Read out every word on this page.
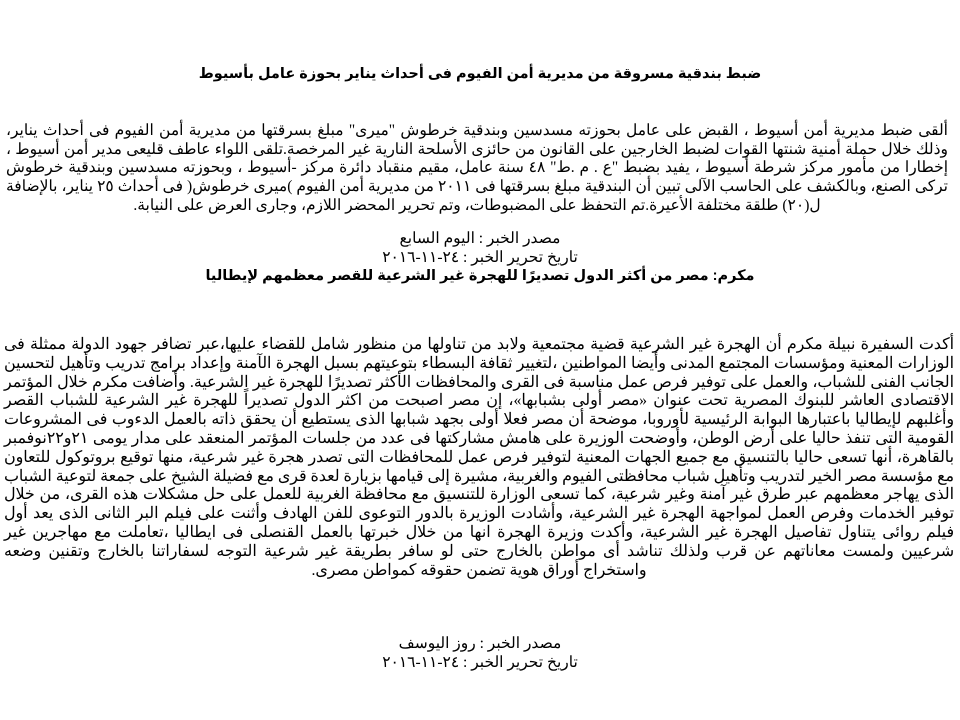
ضبط بندقية مسروقة من مديرية أمن الفيوم فى أحداث يناير بحوزة عامل بأسيوط
ألقى ضبط مديرية أمن أسيوط ، القبض على عامل بحوزته مسدسين وبندقية خرطوش "ميرى" مبلغ بسرقتها من مديرية أمن الفيوم فى أحداث يناير، وذلك خلال حملة أمنية شنتها القوات لضبط الخارجين على القانون من حائزى الأسلحة النارية غير المرخصة.تلقى اللواء عاطف قليعى مدير أمن أسيوط ، إخطارا من مأمور مركز شرطة أسيوط ، يفيد بضبط "ع . م .ط" ٤٨ سنة عامل، مقيم منقباد دائرة مركز -أسيوط ، وبحوزته مسدسين وبندقية خرطوش تركى الصنع، وبالكشف على الحاسب الآلى تبين أن البندقية مبلغ بسرقتها فى ٢٠١١ من مديرية أمن الفيوم )ميرى خرطوش( فى أحداث ٢٥ يناير، بالإضافة ل(٢٠) طلقة مختلفة الأعيرة.تم التحفظ على المضبوطات، وتم تحرير المحضر اللازم، وجارى العرض على النيابة.
مصدر الخبر : اليوم السابع
تاريخ تحرير الخبر : ٢٤-١١-٢٠١٦
مكرم: مصر من أكثر الدول تصديرًا للهجرة غير الشرعية للقصر معظمهم لإيطاليا
أكدت السفيرة نبيلة مكرم أن الهجرة غير الشرعية قضية مجتمعية ولابد من تناولها من منظور شامل للقضاء عليها،عبر تضافر جهود الدولة ممثلة فى الوزارات المعنية ومؤسسات المجتمع المدنى وأيضا المواطنين ،لتغيير ثقافة البسطاء بتوعيتهم بسبل الهجرة الآمنة وإعداد برامج تدريب وتأهيل لتحسين الجانب الفنى للشباب، والعمل على توفير فرص عمل مناسبة فى القرى والمحافظات الأكثر تصديرًا للهجرة غير الشرعية. وأضافت مكرم خلال المؤتمر الاقتصادى العاشر للبنوك المصرية تحت عنوان «مصر أولى بشبابها»، إن مصر اصبحت من اكثر الدول تصديراً للهجرة غير الشرعية للشباب القصر وأغلبهم لإيطاليا باعتبارها البوابة الرئيسية لأوروبا، موضحة أن مصر فعلا أولى بجهد شبابها الذى يستطيع أن يحقق ذاته بالعمل الدءوب فى المشروعات القومية التى تنفذ حاليا على أرض الوطن، وأوضحت الوزيرة على هامش مشاركتها فى عدد من جلسات المؤتمر المنعقد على مدار يومى ٢١و٢٢نوفمبر بالقاهرة، أنها تسعى حاليا بالتنسيق مع جميع الجهات المعنية لتوفير فرص عمل للمحافظات التى تصدر هجرة غير شرعية، منها توقيع بروتوكول للتعاون مع مؤسسة مصر الخير لتدريب وتأهيل شباب محافظتى الفيوم والغربية، مشيرة إلى قيامها بزيارة لعدة قرى مع فضيلة الشيخ على جمعة لتوعية الشباب الذى يهاجر معظمهم عبر طرق غير آمنة وغير شرعية، كما تسعى الوزارة للتنسيق مع محافظة الغربية للعمل على حل مشكلات هذه القرى، من خلال توفير الخدمات وفرص العمل لمواجهة الهجرة غير الشرعية، وأشادت الوزيرة بالدور التوعوى للفن الهادف وأثنت على فيلم البر الثانى الذى يعد أول فيلم روائى يتناول تفاصيل الهجرة غير الشرعية، وأكدت وزيرة الهجرة انها من خلال خبرتها بالعمل القنصلى فى ايطاليا ،تعاملت مع مهاجرين غير شرعيين ولمست معاناتهم عن قرب ولذلك تناشد أى مواطن بالخارج حتى لو سافر بطريقة غير شرعية التوجه لسفاراتنا بالخارج وتقنين وضعه واستخراج أوراق هوية تضمن حقوقه كمواطن مصرى.
مصدر الخبر : روز اليوسف
تاريخ تحرير الخبر : ٢٤-١١-٢٠١٦
